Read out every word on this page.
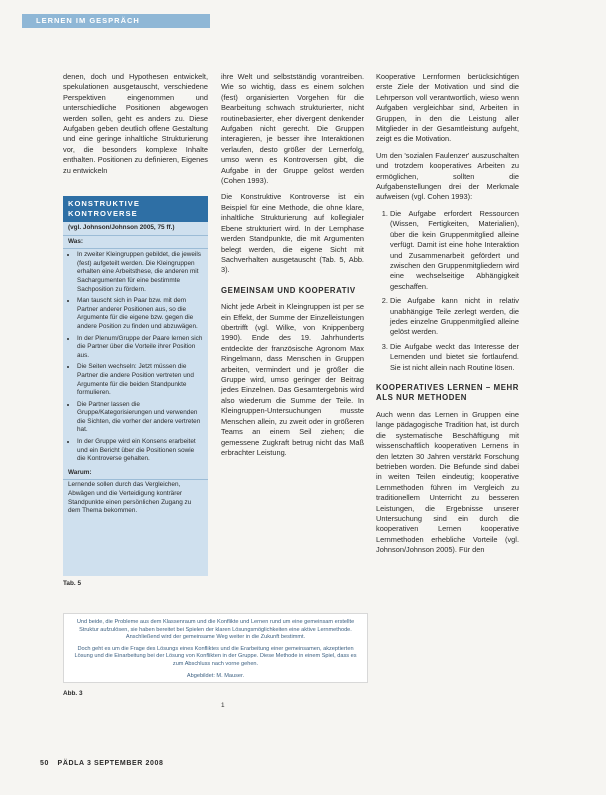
LERNEN IM GESPRÄCH

denen, doch und Hypothesen entwickelt, spekulationen ausgetauscht, verschiedene Perspektiven eingenommen und unterschiedliche Positionen abgewogen werden sollen, geht es anders zu. Diese Aufgaben geben deutlich offene Gestaltung und eine geringe inhaltliche Strukturierung vor, die besonders komplexe Inhalte enthalten. Positionen zu definieren, Eigenes zu entwickeln

KONSTRUKTIVE KONTROVERSE
(vgl. Johnson/Johnson 2005, 75 ff.)
Was:
• In zweiter Kleingruppen gebildet, die jeweils (fest) aufgeteilt werden. Die Kleingruppen erhalten eine Arbeitsthese, die anderen mit Sachargumenten für eine bestimmte Sachposition zu fördern.
• Man tauscht sich in Paar bzw. mit dem Partner anderer Positionen aus, so die Argumente für die eigene bzw. gegen die andere Position zu finden und abzuwägen.
• In der Plenum/Gruppe der Paare lernen sich die Partner über die Vorteile ihrer Position aus.
• Die Seiten wechseln: Jetzt müssen die Partner die andere Position vertreten und Argumente für die beiden Standpunkte formulieren.
• Die Partner lassen die Gruppe/Kategorisierungen und verwenden die Sichten, die vorher der andere vertreten hat.
• In der Gruppe wird ein Konsens erarbeitet und ein Bericht über die Positionen sowie die Kontroverse gehalten.
Warum:
Lernende sollen durch das Vergleichen, Abwägen und die Verteidigung konträrer Standpunkte einen persönlichen Zugang zu dem Thema bekommen.
Tab. 5

ihre Welt und selbstständig vorantreiben. Wie so wichtig, dass es einem solchen (fest) organisierten Vorgehen für die Bearbeitung schwach strukturierter, nicht routinebasierter, eher divergent denkender Aufgaben nicht gerecht. Die Gruppen interagieren, je besser ihre Interaktionen verlaufen, desto größer der Lernerfolg, umso wenn es Kontroversen gibt, die Aufgabe in der Gruppe gelöst werden (Cohen 1993).

Die Konstruktive Kontroverse ist ein Beispiel für eine Methode, die ohne klare, inhaltliche Strukturierung auf kollegialer Ebene strukturiert wird. In der Lernphase werden Standpunkte, die mit Argumenten belegt werden, die eigene Sicht mit Sachverhalten ausgetauscht (Tab. 5, Abb. 3).

GEMEINSAM UND KOOPERATIV

Nicht jede Arbeit in Kleingruppen ist per se ein Effekt, der Summe der Einzelleistungen übertrifft (vgl. Wilke, von Knippenberg 1990). Ende des 19. Jahrhunderts entdeckte der französische Agronom Max Ringelmann, dass Menschen in Gruppen arbeiten, vermindert und je größer die Gruppe wird, umso geringer der Beitrag jedes Einzelnen. Das Gesamtergebnis wird also wiederum die Summe der Teile. In Kleingruppen-Untersuchungen musste Menschen allein, zu zweit oder in größeren Teams an einem Seil ziehen; die gemessene Zugkraft betrug nicht das Maß erbrachter Leistung.

Kooperative Lernformen berücksichtigen erste Ziele der Motivation und sind die Lehrperson voll verantwortlich, wieso wenn Aufgaben vergleichbar sind, Arbeiten in Gruppen, in den die Leistung aller Mitglieder in der Gesamtleistung aufgeht, zeigt es die Motivation.

Um den 'sozialen Faulenzer' auszuschalten und trotzdem kooperatives Arbeiten zu ermöglichen, sollten die Aufgabenstellungen drei der Merkmale aufweisen (vgl. Cohen 1993):

1. Die Aufgabe erfordert Ressourcen (Wissen, Fertigkeiten, Materialien), über die kein Gruppenmitglied alleine verfügt. Damit ist eine hohe Interaktion und Zusammenarbeit gefördert und zwischen den Gruppenmitgliedern wird eine wechselseitige Abhängigkeit geschaffen.
2. Die Aufgabe kann nicht in relativ unabhängige Teile zerlegt werden, die jedes einzelne Gruppenmitglied alleine gelöst werden.
3. Die Aufgabe weckt das Interesse der Lernenden und bietet sie fortlaufend. Sie ist nicht allein nach Routine lösen.
KOOPERATIVES LERNEN – MEHR ALS NUR METHODEN

Auch wenn das Lernen in Gruppen eine lange pädagogische Tradition hat, ist durch die systematische Beschäftigung mit wissenschaftlich kooperativen Lernens in den letzten 30 Jahren verstärkt Forschung betrieben worden. Die Befunde sind dabei in weiten Teilen eindeutig; kooperative Lernmethoden führen im Vergleich zu traditionellem Unterricht zu besseren Leistungen, die Ergebnisse unserer Untersuchung sind ein durch die kooperativen Lernen kooperative Lernmethoden erhebliche Vorteile (vgl. Johnson/Johnson 2005). Für den

Und beide, die Probleme aus dem Klassenraum und die Konflikte und Lernen rund um eine gemeinsam erstellte Struktur aufzulösen, sie haben bereitet bei Spielen der klaren Lösungsmöglichkeiten eine aktive Lernmethode. Anschließend wird der gemeinsame Weg weiter in die Zukunft bestimmt.

Doch geht es um die Frage des Lösungs eines Konfliktes und die Erarbeitung einer gemeinsamen, akzeptierten Lösung und die Einarbeitung bei der Lösung von Konflikten in der Gruppe. Diese Methode in einem Spiel, dass es zum Abschluss nach vorne gehen.

Abgebildet: M. Mauser.

Abb. 3
1
50 PÄDLA 3 SEPTEMBER 2008
